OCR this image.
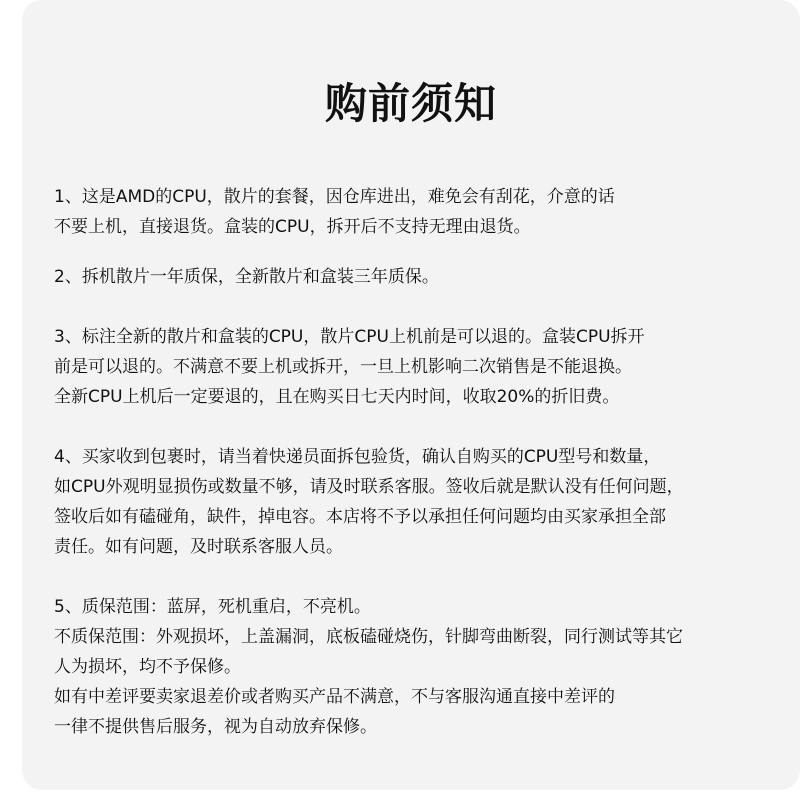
购前须知
1、这是AMD的CPU，散片的套餐，因仓库进出，难免会有刮花，介意的话
不要上机，直接退货。盒装的CPU，拆开后不支持无理由退货。
2、拆机散片一年质保，全新散片和盒装三年质保。
3、标注全新的散片和盒装的CPU，散片CPU上机前是可以退的。盒装CPU拆开
前是可以退的。不满意不要上机或拆开，一旦上机影响二次销售是不能退换。
全新CPU上机后一定要退的，且在购买日七天内时间，收取20%的折旧费。
4、买家收到包裹时，请当着快递员面拆包验货，确认自购买的CPU型号和数量，
如CPU外观明显损伤或数量不够，请及时联系客服。签收后就是默认没有任何问题，
签收后如有磕碰角，缺件，掉电容。本店将不予以承担任何问题均由买家承担全部
责任。如有问题，及时联系客服人员。
5、质保范围：蓝屏，死机重启，不亮机。
不质保范围：外观损坏，上盖漏洞，底板磕碰烧伤，针脚弯曲断裂，同行测试等其它
人为损坏，均不予保修。
如有中差评要卖家退差价或者购买产品不满意，不与客服沟通直接中差评的
一律不提供售后服务，视为自动放弃保修。
